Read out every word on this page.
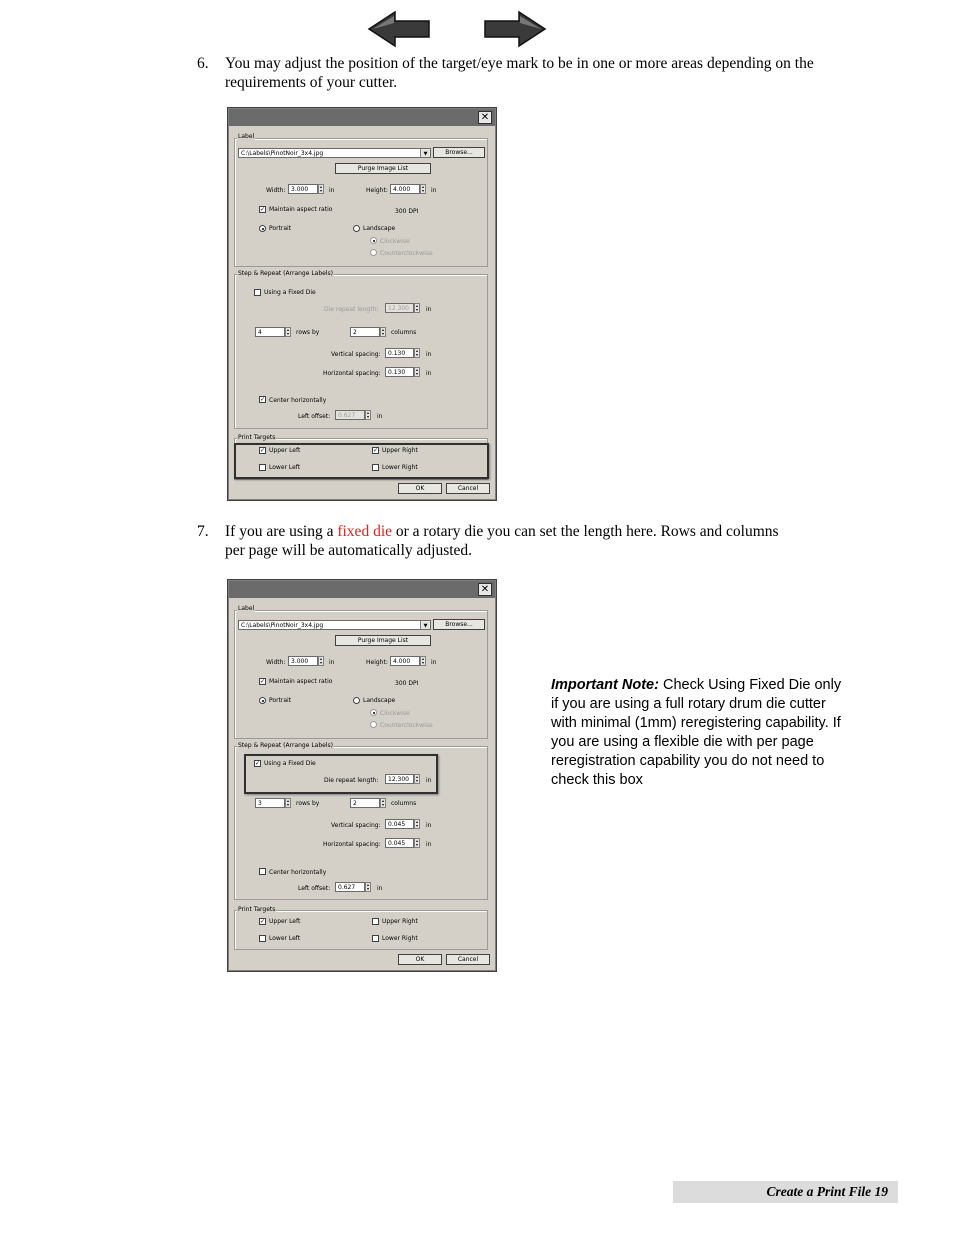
6. You may adjust the position of the target/eye mark to be in one or more areas depending on the
requirements of your cutter.
✕
Label
C:\Labels\PinotNoir_3x4.jpg	▼	Browse...
Purge Image List
Width: 3.000	▴
▾	in	Height: 4.000	▴
▾	in
✓ Maintain aspect ratio	300 DPI
Portrait	Landscape
Clockwise
Counterclockwise
Step & Repeat (Arrange Labels)
Using a Fixed Die
Die repeat length:	12.300	▴
▾	in
4	▴
▾	rows by	2	▴
▾	columns
Vertical spacing:	0.130	▴
▾	in
Horizontal spacing:	0.130	▴
▾	in
✓ Center horizontally
Left offset:	0.627	▴
▾	in
Print Targets
✓ Upper Left	✓ Upper Right
Lower Left	Lower Right
OK	Cancel
7. If you are using a fixed die or a rotary die you can set the length here. Rows and columns
per page will be automatically adjusted.
✕
Label
C:\Labels\PinotNoir_3x4.jpg	▼	Browse...
Purge Image List
Width: 3.000	▴
▾	in	Height: 4.000	▴
▾	in
✓ Maintain aspect ratio	300 DPI
Portrait	Landscape
Clockwise
Counterclockwise
Step & Repeat (Arrange Labels)
✓ Using a Fixed Die
Die repeat length:	12.300	▴
▾	in
3	▴
▾	rows by	2	▴
▾	columns
Vertical spacing:	0.045	▴
▾	in
Horizontal spacing:	0.045	▴
▾	in
Center horizontally
Left offset:	0.627	▴
▾	in
Print Targets
✓ Upper Left	Upper Right
Lower Left	Lower Right
OK	Cancel
Important Note: Check Using Fixed Die only if you are using a full rotary drum die cutter with minimal (1mm) reregistering capability. If you are using a flexible die with per page reregistration capability you do not need to check this box
Create a Print File 19
